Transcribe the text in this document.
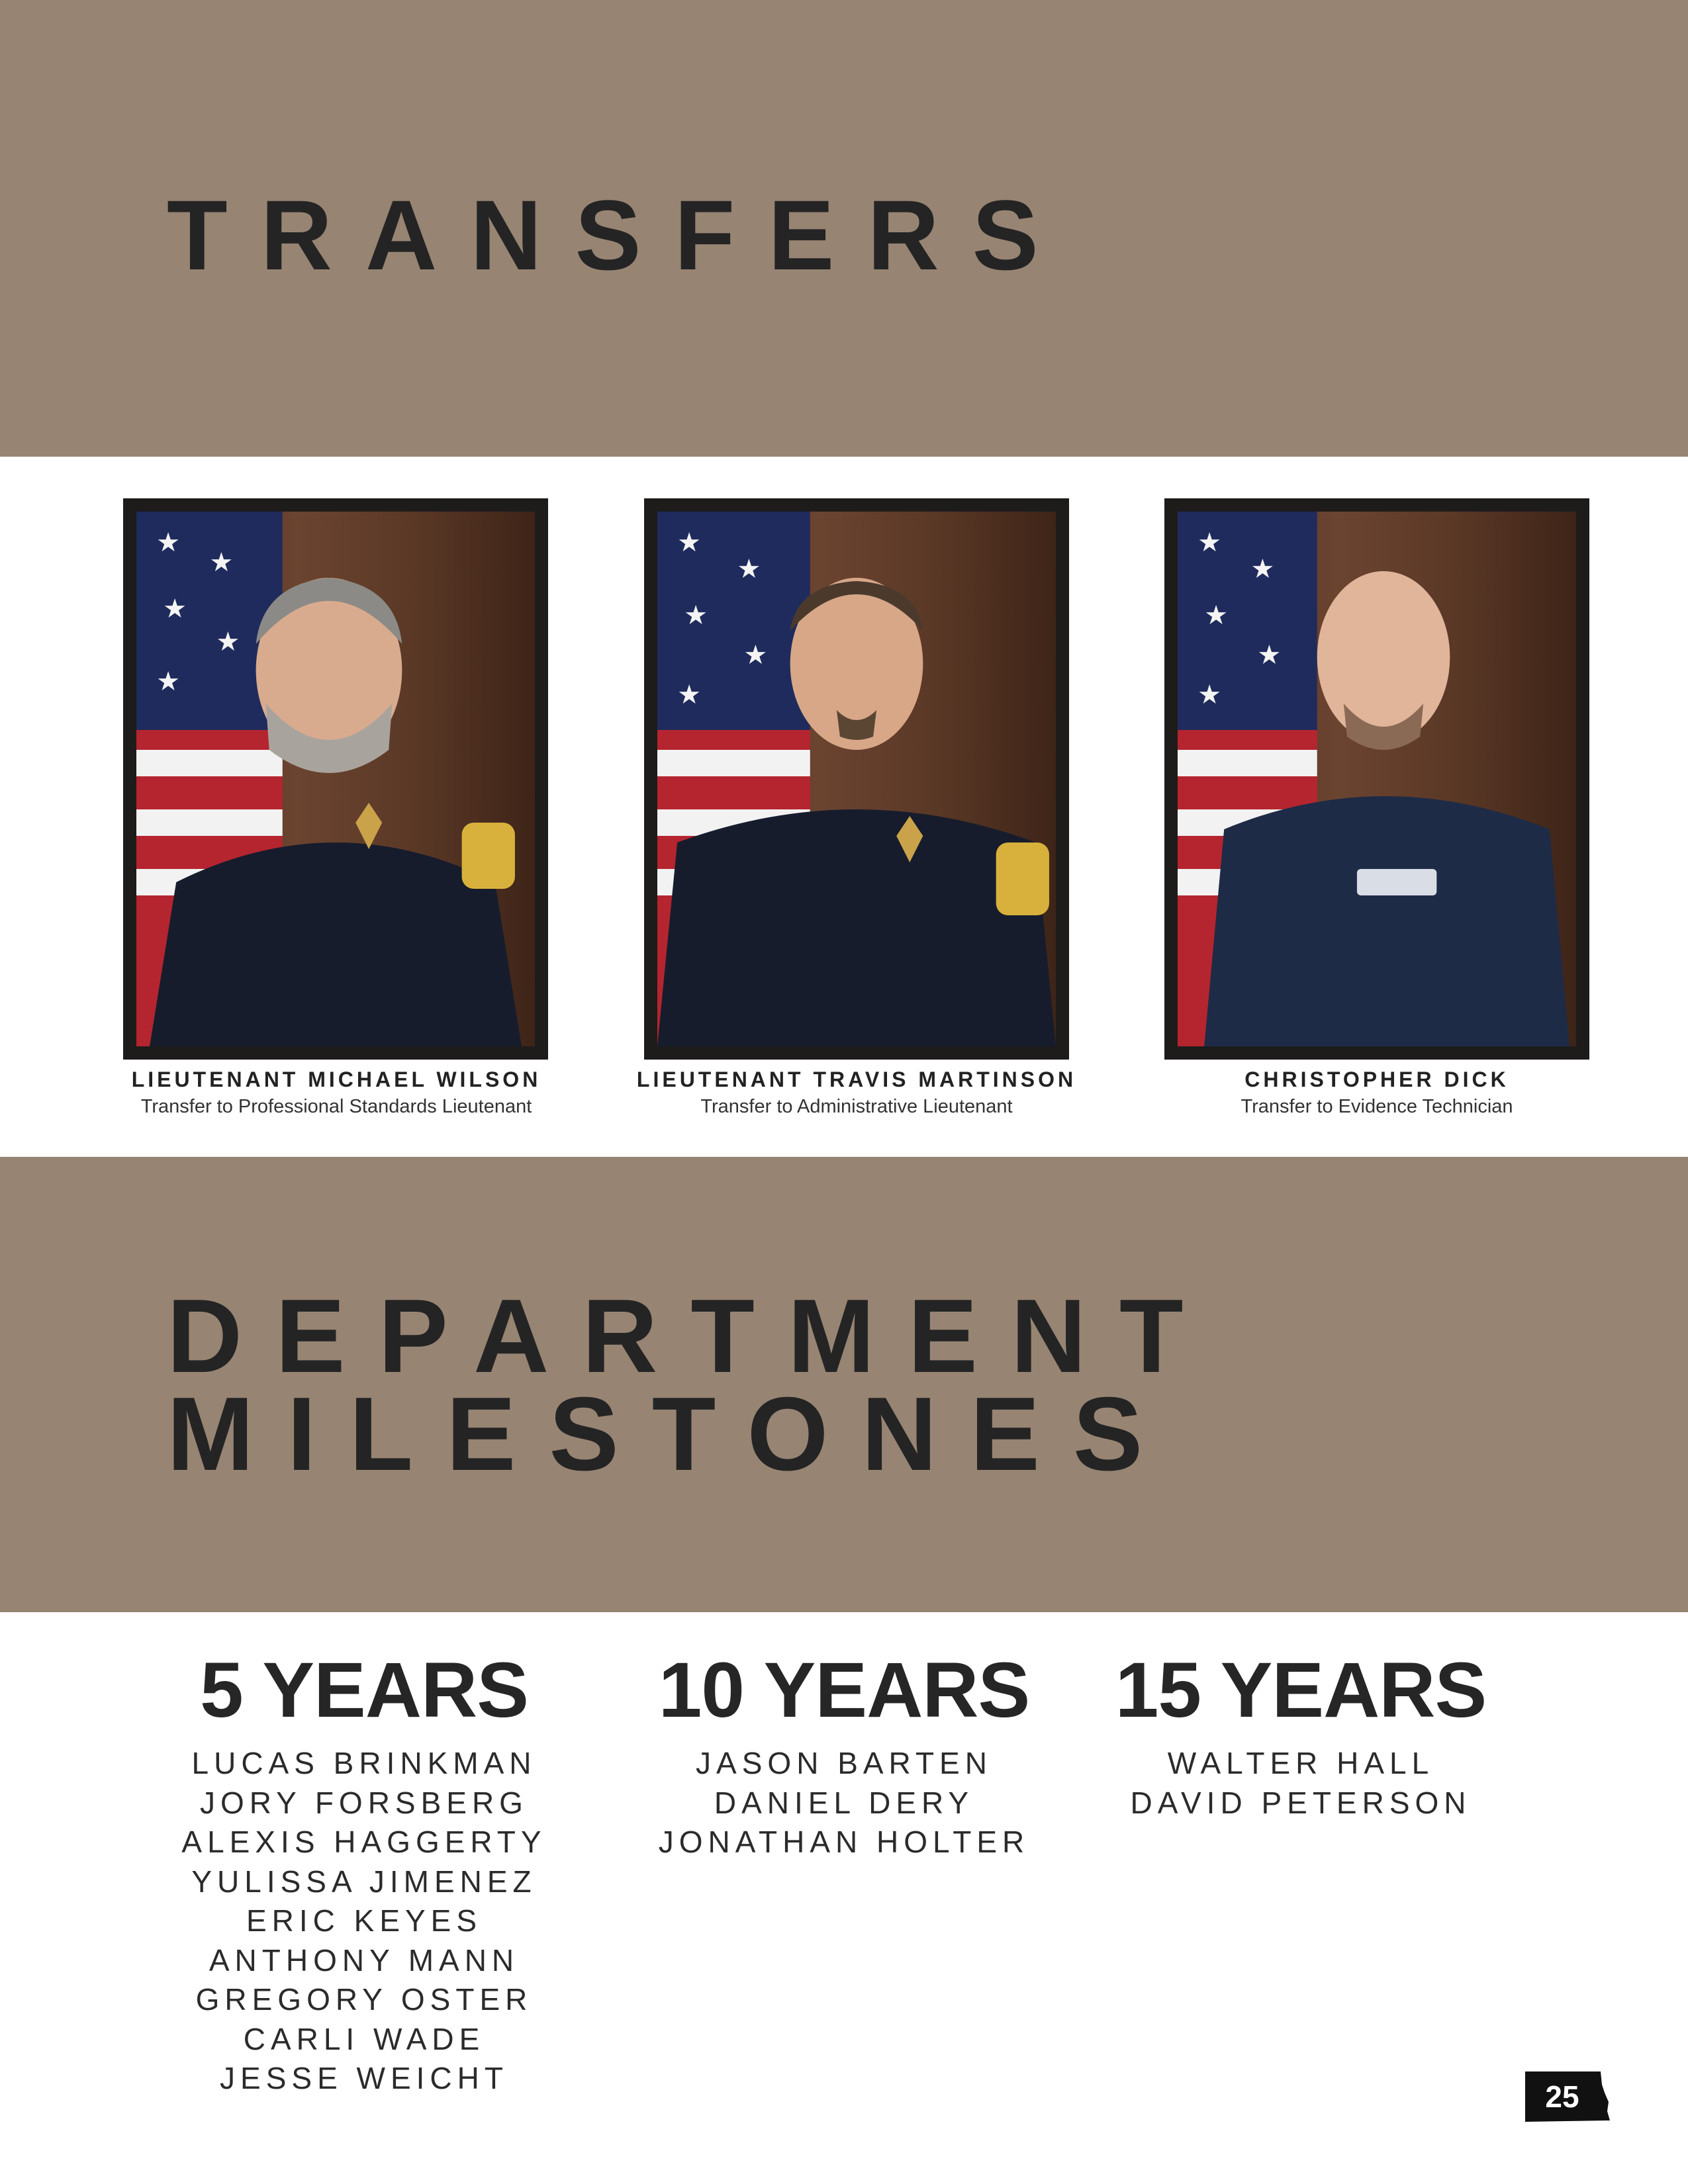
TRANSFERS
★
★
★
★
★
★
★
★
★
★
★
★
★
★
★
LIEUTENANT MICHAEL WILSON
Transfer to Professional Standards Lieutenant
LIEUTENANT TRAVIS MARTINSON
Transfer to Administrative Lieutenant
CHRISTOPHER DICK
Transfer to Evidence Technician
DEPARTMENT
MILESTONES
5 YEARS
LUCAS BRINKMAN
JORY FORSBERG
ALEXIS HAGGERTY
YULISSA JIMENEZ
ERIC KEYES
ANTHONY MANN
GREGORY OSTER
CARLI WADE
JESSE WEICHT
10 YEARS
JASON BARTEN
DANIEL DERY
JONATHAN HOLTER
15 YEARS
WALTER HALL
DAVID PETERSON
25
